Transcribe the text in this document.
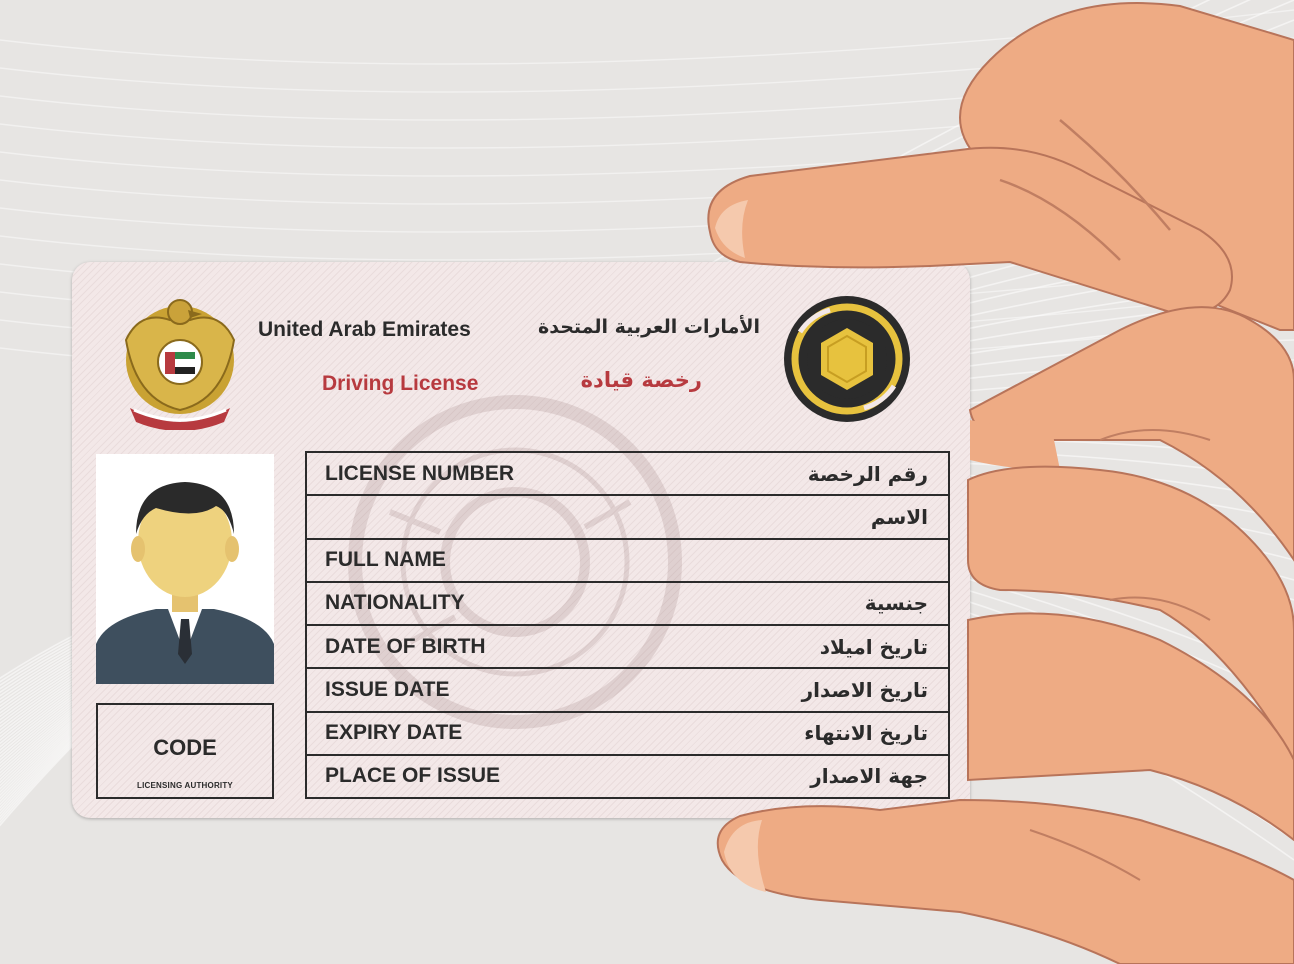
United Arab Emirates	الأمارات العربية المتحدة
Driving License	رخصة قيادة
CODE
LICENSING AUTHORITY
LICENSE NUMBER	رقم الرخصة
الاسم
FULL NAME
NATIONALITY	جنسية
DATE OF BIRTH	تاريخ اميلاد
ISSUE DATE	تاريخ الاصدار
EXPIRY DATE	تاريخ الانتهاء
PLACE OF ISSUE	جهة الاصدار
